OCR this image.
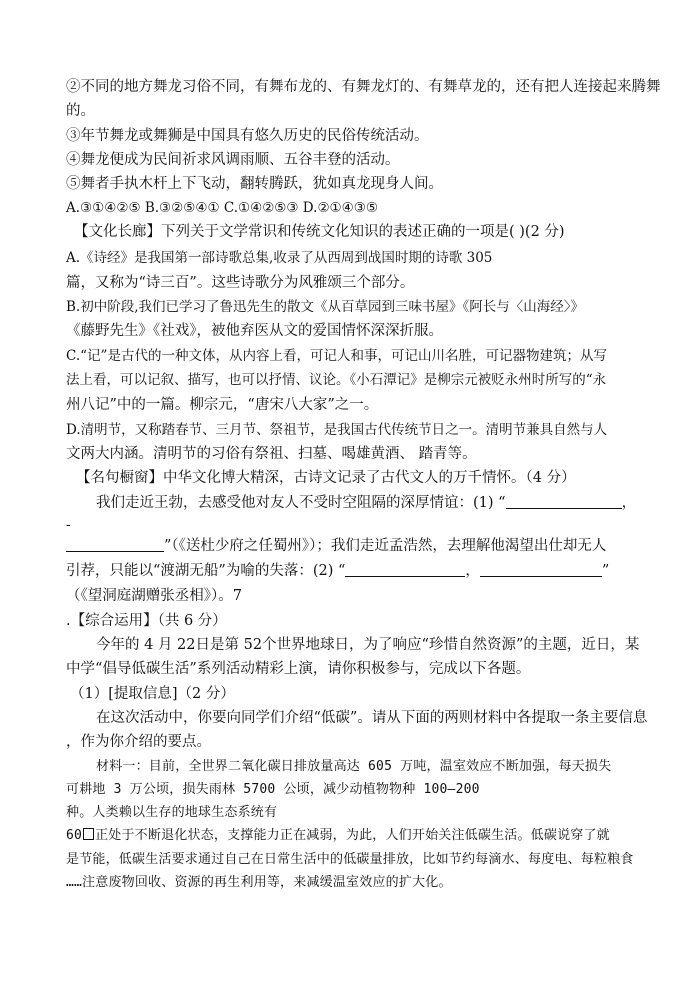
②不同的地方舞龙习俗不同，有舞布龙的、有舞龙灯的、有舞草龙的，还有把人连接起来腾舞
的。
③年节舞龙或舞狮是中国具有悠久历史的民俗传统活动。
④舞龙便成为民间祈求风调雨顺、五谷丰登的活动。
⑤舞者手执木杆上下飞动，翻转腾跃，犹如真龙现身人间。
A.③①④②⑤ B.③②⑤④① C.①④②⑤③ D.②①④③⑤
【文化长廊】下列关于文学常识和传统文化知识的表述正确的一项是( )(2 分)
A.《诗经》是我国第一部诗歌总集,收录了从西周到战国时期的诗歌 305
篇，又称为“诗三百”。这些诗歌分为风雅颂三个部分。
B.初中阶段,我们已学习了鲁迅先生的散文《从百草园到三味书屋》《阿长与〈山海经〉》
《藤野先生》《社戏》，被他弃医从文的爱国情怀深深折服。
C.“记”是古代的一种文体，从内容上看，可记人和事，可记山川名胜，可记器物建筑；从写
法上看，可以记叙、描写，也可以抒情、议论。《小石潭记》是柳宗元被贬永州时所写的“永
州八记”中的一篇。柳宗元，“唐宋八大家”之一。
D.清明节，又称踏春节、三月节、祭祖节，是我国古代传统节日之一。清明节兼具自然与人
文两大内涵。清明节的习俗有祭祖、扫墓、喝雄黄酒、 踏青等。
【名句橱窗】中华文化博大精深，古诗文记录了古代文人的万千情怀。（4 分）
我们走近王勃，去感受他对友人不受时空阻隔的深厚情谊：(1) “	，
-
”（《送杜少府之任蜀州》）；我们走近孟浩然，去理解他渴望出仕却无人
引荐，只能以“渡湖无船”为喻的失落：(2) “	，	”
（《望洞庭湖赠张丞相》）。7
.【综合运用】（共 6 分）
今年的 4 月 22日是第 52个世界地球日，为了响应“珍惜自然资源”的主题，近日，某
中学“倡导低碳生活”系列活动精彩上演，请你积极参与，完成以下各题。
（1）[提取信息]（2 分）
在这次活动中，你要向同学们介绍“低碳”。请从下面的两则材料中各提取一条主要信息
，作为你介绍的要点。
材料一：目前，全世界二氧化碳日排放量高达 605 万吨，温室效应不断加强，每天损失
可耕地 3 万公顷，损失雨林 5700 公顷，减少动植物物种 100—200
种。人类赖以生存的地球生态系统有
60 正处于不断退化状态，支撑能力正在减弱，为此，人们开始关注低碳生活。低碳说穿了就
是节能，低碳生活要求通过自己在日常生活中的低碳量排放，比如节约每滴水、每度电、每粒粮食
……注意废物回收、资源的再生利用等，来减缓温室效应的扩大化。
